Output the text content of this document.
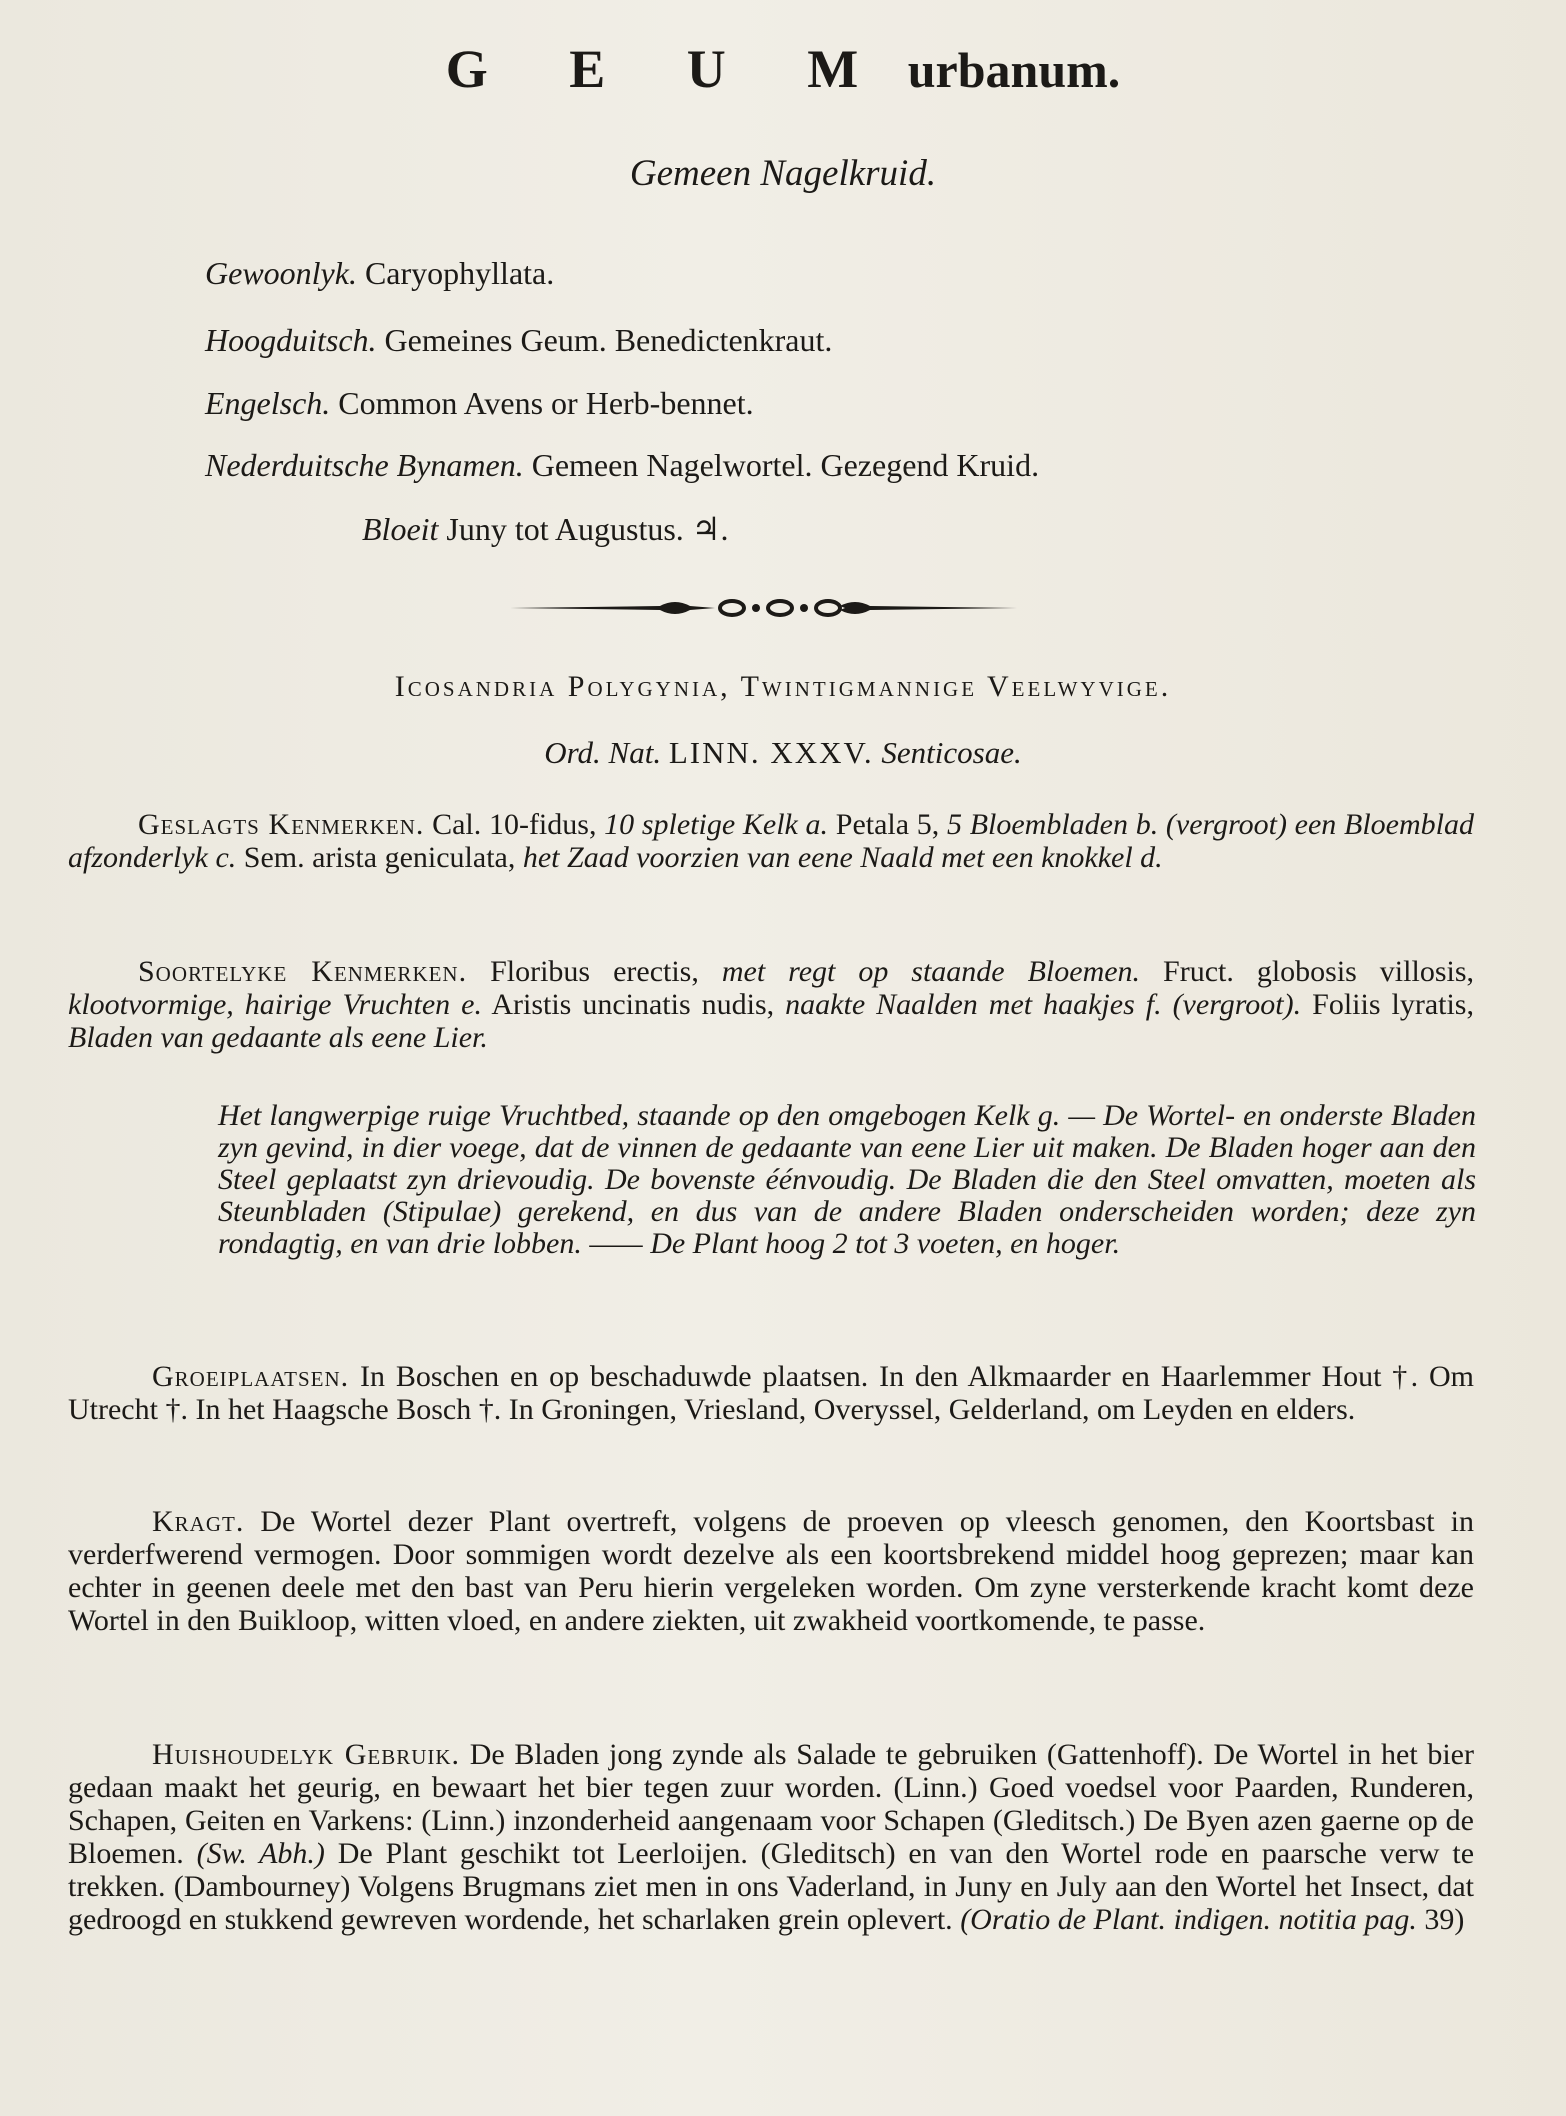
G E U M urbanum.
Gemeen Nagelkruid.
Gewoonlyk. Caryophyllata.
Hoogduitsch. Gemeines Geum. Benedictenkraut.
Engelsch. Common Avens or Herb-bennet.
Nederduitsche Bynamen. Gemeen Nagelwortel. Gezegend Kruid.
Bloeit Juny tot Augustus. ♃.
Icosandria Polygynia, Twintigmannige Veelwyvige.
Ord. Nat. LINN. XXXV. Senticosae.

Geslagts Kenmerken. Cal. 10-fidus, 10 spletige Kelk a. Petala 5, 5 Bloembladen b. (vergroot) een Bloemblad afzonderlyk c. Sem. arista geniculata, het Zaad voorzien van eene Naald met een knokkel d.

Soortelyke Kenmerken. Floribus erectis, met regt op staande Bloemen. Fruct. globosis villosis, klootvormige, hairige Vruchten e. Aristis uncinatis nudis, naakte Naalden met haakjes f. (vergroot). Foliis lyratis, Bladen van gedaante als eene Lier.

Het langwerpige ruige Vruchtbed, staande op den omgebogen Kelk g. — De Wortel- en onderste Bladen zyn gevind, in dier voege, dat de vinnen de gedaante van eene Lier uit maken. De Bladen hoger aan den Steel geplaatst zyn drievoudig. De bovenste éénvoudig. De Bladen die den Steel omvatten, moeten als Steunbladen (Stipulae) gerekend, en dus van de andere Bladen onderscheiden worden; deze zyn rondagtig, en van drie lobben. —— De Plant hoog 2 tot 3 voeten, en hoger.

Groeiplaatsen. In Boschen en op beschaduwde plaatsen. In den Alkmaarder en Haarlemmer Hout †. Om Utrecht †. In het Haagsche Bosch †. In Groningen, Vriesland, Overyssel, Gelderland, om Leyden en elders.

Kragt. De Wortel dezer Plant overtreft, volgens de proeven op vleesch genomen, den Koortsbast in verderfwerend vermogen. Door sommigen wordt dezelve als een koortsbrekend middel hoog geprezen; maar kan echter in geenen deele met den bast van Peru hierin vergeleken worden. Om zyne versterkende kracht komt deze Wortel in den Buikloop, witten vloed, en andere ziekten, uit zwakheid voortkomende, te passe.

Huishoudelyk Gebruik. De Bladen jong zynde als Salade te gebruiken (Gattenhoff). De Wortel in het bier gedaan maakt het geurig, en bewaart het bier tegen zuur worden. (Linn.) Goed voedsel voor Paarden, Runderen, Schapen, Geiten en Varkens: (Linn.) inzonderheid aangenaam voor Schapen (Gleditsch.) De Byen azen gaerne op de Bloemen. (Sw. Abh.) De Plant geschikt tot Leerloijen. (Gleditsch) en van den Wortel rode en paarsche verw te trekken. (Dambourney) Volgens Brugmans ziet men in ons Vaderland, in Juny en July aan den Wortel het Insect, dat gedroogd en stukkend gewreven wordende, het scharlaken grein oplevert. (Oratio de Plant. indigen. notitia pag. 39)
